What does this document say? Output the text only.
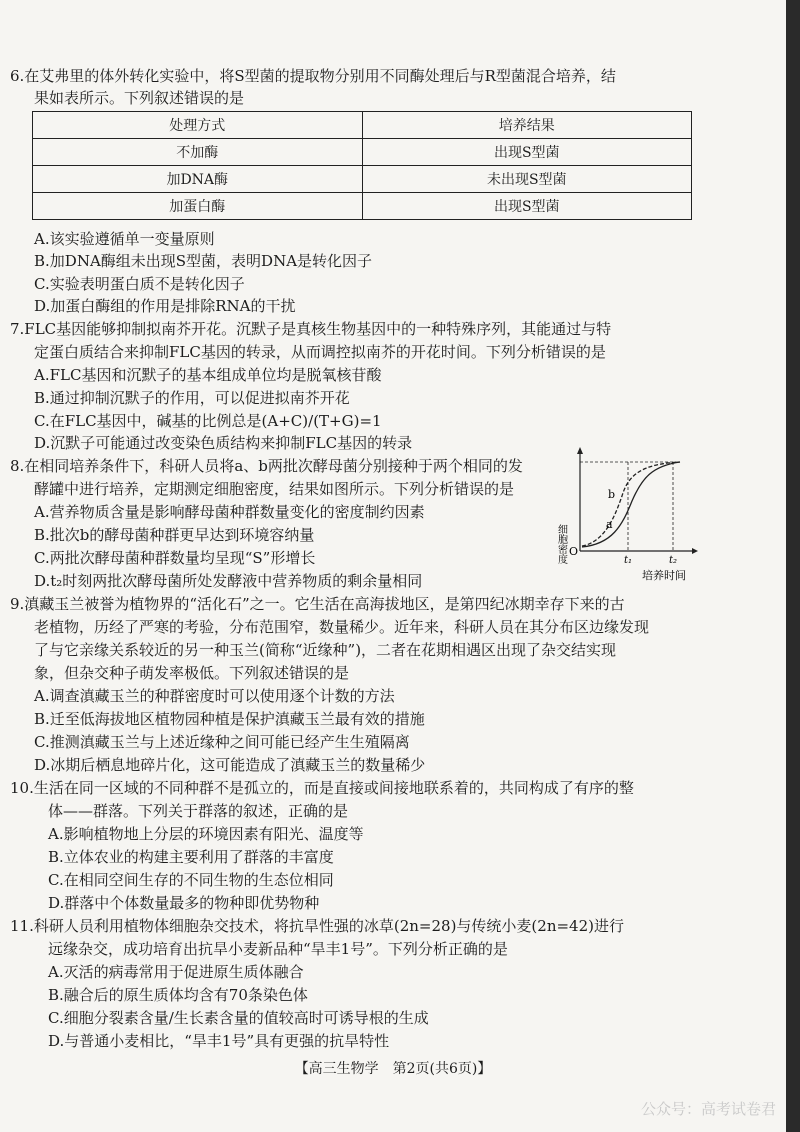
6.在艾弗里的体外转化实验中，将S型菌的提取物分别用不同酶处理后与R型菌混合培养，结
果如表所示。下列叙述错误的是
处理方式	培养结果
不加酶	出现S型菌
加DNA酶	未出现S型菌
加蛋白酶	出现S型菌
A.该实验遵循单一变量原则
B.加DNA酶组未出现S型菌，表明DNA是转化因子
C.实验表明蛋白质不是转化因子
D.加蛋白酶组的作用是排除RNA的干扰
7.FLC基因能够抑制拟南芥开花。沉默子是真核生物基因中的一种特殊序列，其能通过与特
定蛋白质结合来抑制FLC基因的转录，从而调控拟南芥的开花时间。下列分析错误的是
A.FLC基因和沉默子的基本组成单位均是脱氧核苷酸
B.通过抑制沉默子的作用，可以促进拟南芥开花
C.在FLC基因中，碱基的比例总是(A+C)/(T+G)=1
D.沉默子可能通过改变染色质结构来抑制FLC基因的转录
8.在相同培养条件下，科研人员将a、b两批次酵母菌分别接种于两个相同的发
酵罐中进行培养，定期测定细胞密度，结果如图所示。下列分析错误的是
A.营养物质含量是影响酵母菌种群数量变化的密度制约因素
B.批次b的酵母菌种群更早达到环境容纳量
C.两批次酵母菌种群数量均呈现“S”形增长
D.t₂时刻两批次酵母菌所处发酵液中营养物质的剩余量相同
细胞密度
b
a
O
t₁	t₂
培养时间
9.滇藏玉兰被誉为植物界的“活化石”之一。它生活在高海拔地区，是第四纪冰期幸存下来的古
老植物，历经了严寒的考验，分布范围窄，数量稀少。近年来，科研人员在其分布区边缘发现
了与它亲缘关系较近的另一种玉兰(简称“近缘种”)，二者在花期相遇区出现了杂交结实现
象，但杂交种子萌发率极低。下列叙述错误的是
A.调查滇藏玉兰的种群密度时可以使用逐个计数的方法
B.迁至低海拔地区植物园种植是保护滇藏玉兰最有效的措施
C.推测滇藏玉兰与上述近缘种之间可能已经产生生殖隔离
D.冰期后栖息地碎片化，这可能造成了滇藏玉兰的数量稀少
10.生活在同一区域的不同种群不是孤立的，而是直接或间接地联系着的，共同构成了有序的整
体——群落。下列关于群落的叙述，正确的是
A.影响植物地上分层的环境因素有阳光、温度等
B.立体农业的构建主要利用了群落的丰富度
C.在相同空间生存的不同生物的生态位相同
D.群落中个体数量最多的物种即优势物种
11.科研人员利用植物体细胞杂交技术，将抗旱性强的冰草(2n=28)与传统小麦(2n=42)进行
远缘杂交，成功培育出抗旱小麦新品种“旱丰1号”。下列分析正确的是
A.灭活的病毒常用于促进原生质体融合
B.融合后的原生质体均含有70条染色体
C.细胞分裂素含量/生长素含量的值较高时可诱导根的生成
D.与普通小麦相比，“旱丰1号”具有更强的抗旱特性
【高三生物学　第2页(共6页)】
公众号：高考试卷君
